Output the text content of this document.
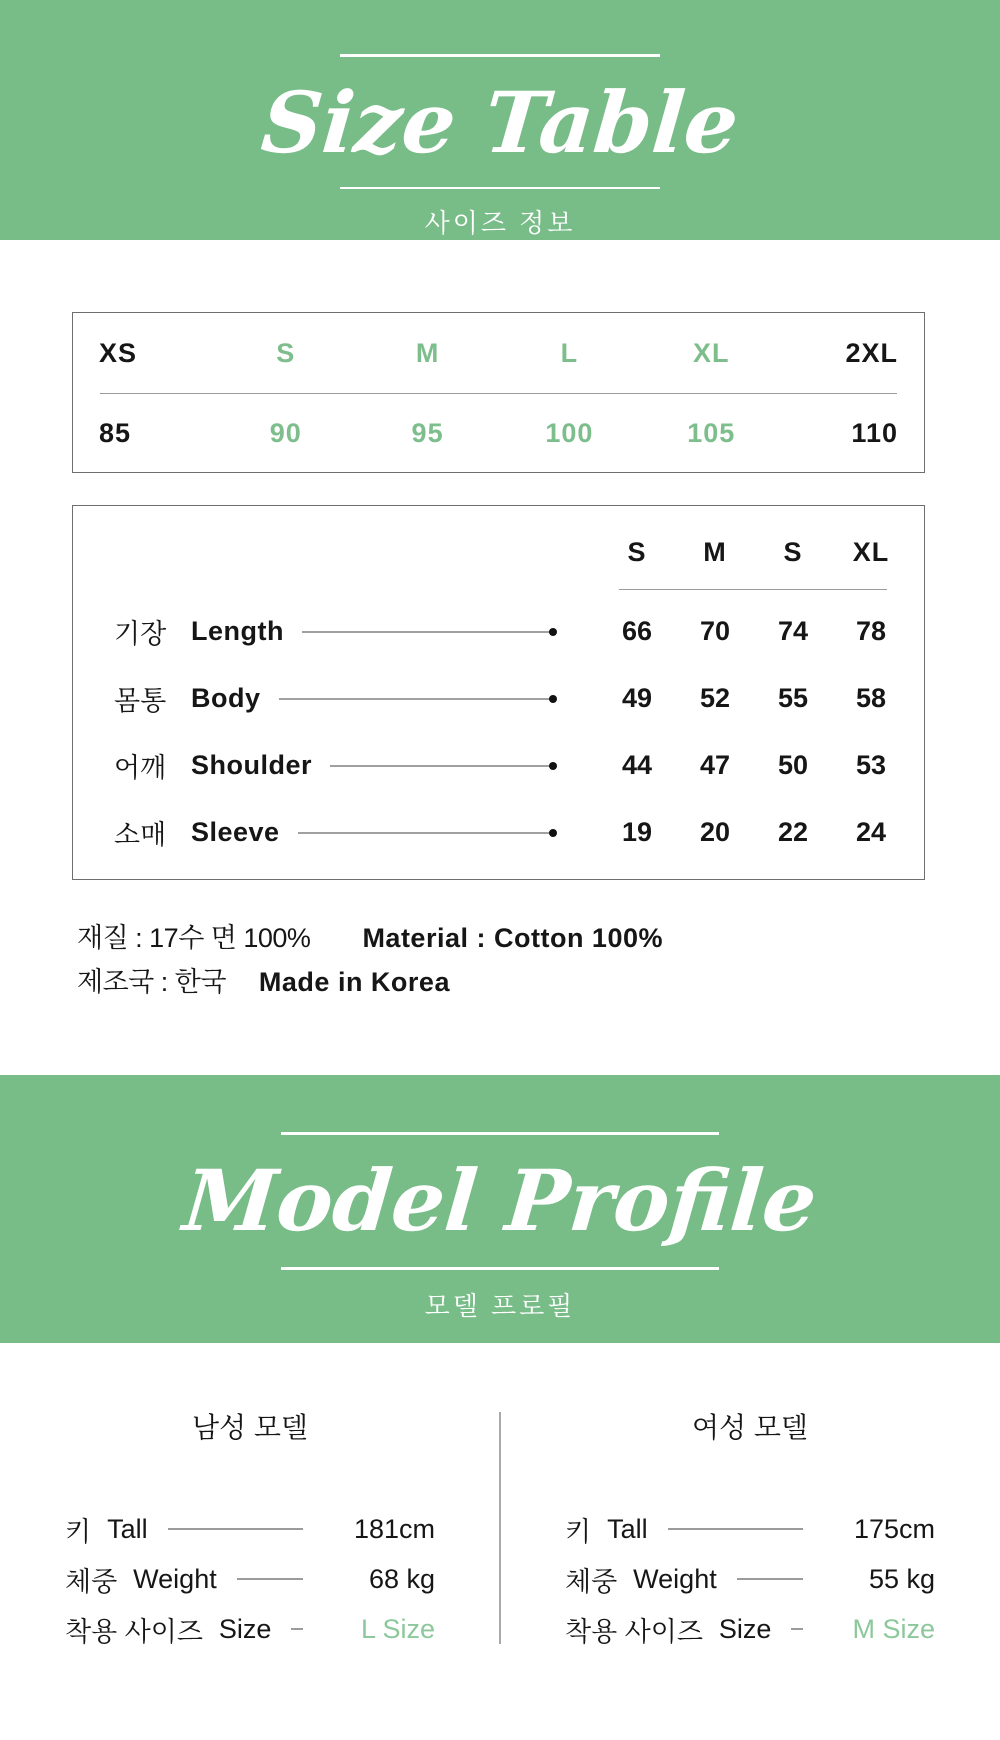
Size Table
사이즈 정보
XS	S	M	L	XL	2XL
85	90	95	100	105	110
S	M	S	XL
기장 Length	66	70	74	78
몸통 Body	49	52	55	58
어깨 Shoulder	44	47	50	53
소매 Sleeve	19	20	22	24
재질 : 17수 면 100% Material : Cotton 100%
제조국 : 한국 Made in Korea
Model Profile
모델 프로필
남성 모델
키 Tall	181cm
체중 Weight	68 kg
착용 사이즈 Size	L Size
여성 모델
키 Tall	175cm
체중 Weight	55 kg
착용 사이즈 Size	M Size
